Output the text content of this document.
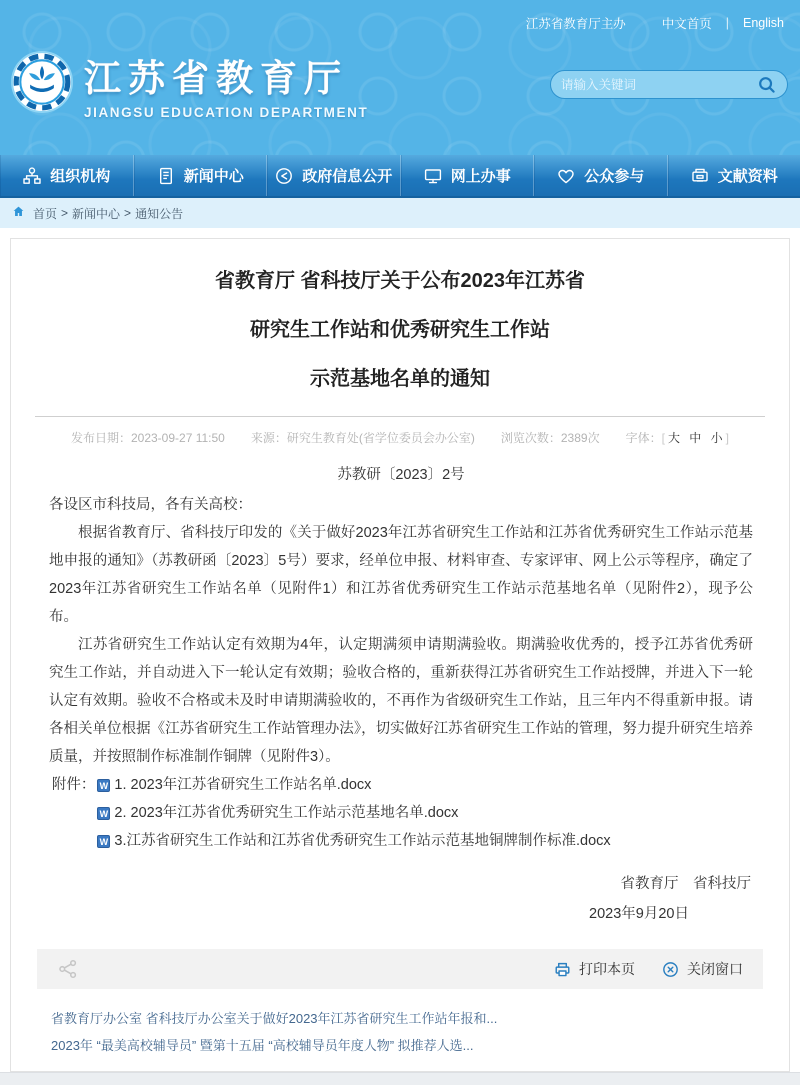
江苏省教育厅主办	中文首页 | English
江苏省教育厅
JIANGSU EDUCATION DEPARTMENT
请输入关键词
组织机构	新闻中心	政府信息公开	网上办事	公众参与	文献资料
首页 > 新闻中心 > 通知公告
省教育厅 省科技厅关于公布2023年江苏省
研究生工作站和优秀研究生工作站
示范基地名单的通知
发布日期：2023-09-27 11:50 来源：研究生教育处(省学位委员会办公室) 浏览次数：2389次 字体：[ 大 中 小 ]
苏教研〔2023〕2号
各设区市科技局，各有关高校：

根据省教育厅、省科技厅印发的《关于做好2023年江苏省研究生工作站和江苏省优秀研究生工作站示范基地申报的通知》（苏教研函〔2023〕5号）要求，经单位申报、材料审查、专家评审、网上公示等程序，确定了2023年江苏省研究生工作站名单（见附件1）和江苏省优秀研究生工作站示范基地名单（见附件2），现予公布。

江苏省研究生工作站认定有效期为4年，认定期满须申请期满验收。期满验收优秀的，授予江苏省优秀研究生工作站，并自动进入下一轮认定有效期；验收合格的，重新获得江苏省研究生工作站授牌，并进入下一轮认定有效期。验收不合格或未及时申请期满验收的，不再作为省级研究生工作站，且三年内不得重新申报。请各相关单位根据《江苏省研究生工作站管理办法》，切实做好江苏省研究生工作站的管理，努力提升研究生培养质量，并按照制作标准制作铜牌（见附件3）。

附件： W 1. 2023年江苏省研究生工作站名单.docx
W 2. 2023年江苏省优秀研究生工作站示范基地名单.docx
W 3.江苏省研究生工作站和江苏省优秀研究生工作站示范基地铜牌制作标准.docx
省教育厅　省科技厅
2023年9月20日
打印本页	关闭窗口
省教育厅办公室 省科技厅办公室关于做好2023年江苏省研究生工作站年报和...
2023年 “最美高校辅导员” 暨第十五届 “高校辅导员年度人物” 拟推荐人选...
